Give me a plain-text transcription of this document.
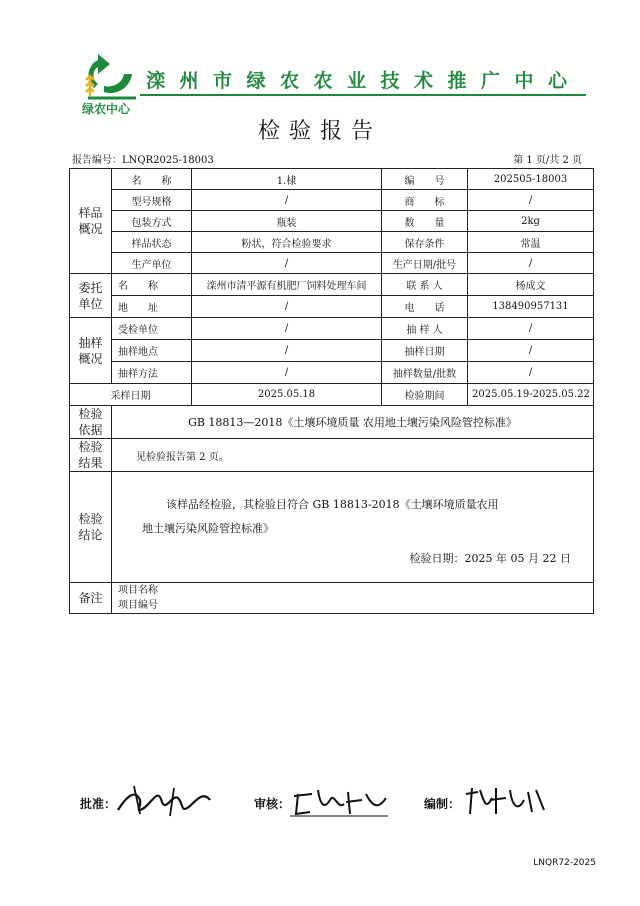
绿农中心
滦州市绿农农业技术推广中心
检验报告
报告编号：LNQR2025-18003	第 1 页/共 2 页
样品概况	名　　称	1.棣	编　　号	202505-18003
	型号规格	/	商　　标	/
	包装方式	瓶装	数　　量	2kg
	样品状态	粉状，符合检验要求	保存条件	常温
	生产单位	/	生产日期/批号	/
委托单位	名　　称	滦州市清平源有机肥厂饲料处理车间	联 系 人	杨成文
	地　　址	/	电　　话	138490957131
抽样概况	受检单位	/	抽 样 人	/
	抽样地点	/	抽样日期	/
	抽样方法	/	抽样数量/批数	/
采样日期		2025.05.18	检验期间	2025.05.19-2025.05.22
检验依据	GB 18813—2018《土壤环境质量 农用地土壤污染风险管控标准》			
检验结果	见检验报告第 2 页。			
检验结论	该样品经检验，其检验目符合 GB 18813-2018《土壤环境质量农用
地土壤污染风险管控标准》
检验日期：2025 年 05 月 22 日			

备注	项目名称
项目编号			
批准：	审核：	编制：
LNQR72-2025
